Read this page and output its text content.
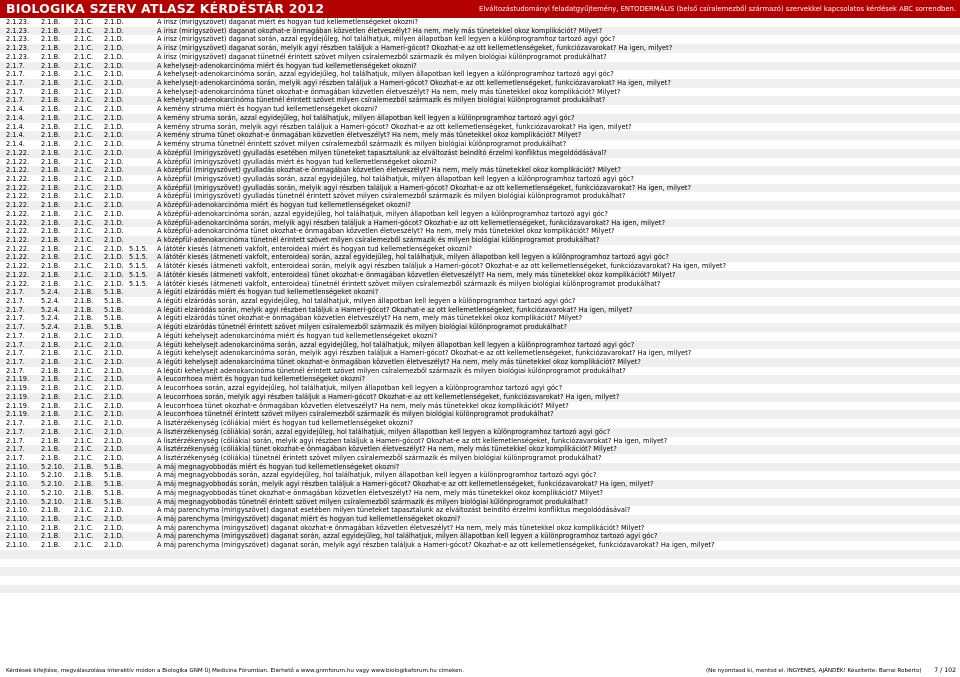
BIOLOGIKA SZERV ATLASZ KÉRDÉSTÁR 2012	Elváltozástudományi feladatgyűjtemény, ENTODERMÁLIS (belső csíralemezből származó) szervekkel kapcsolatos kérdések ABC sorrendben.
2.1.23. 2.1.B. 2.1.C. 2.1.D.	A írisz (mirigyszövet) daganat miért és hogyan tud kellemetlenségeket okozni?
2.1.23. 2.1.B. 2.1.C. 2.1.D.	A írisz (mirigyszövet) daganat okozhat-e önmagában közvetlen életveszélyt? Ha nem, mely más tünetekkel okoz komplikációt? Milyet?
2.1.23. 2.1.B. 2.1.C. 2.1.D.	A írisz (mirigyszövet) daganat során, azzal egyidejűleg, hol találhatjuk, milyen állapotban kell legyen a különprogramhoz tartozó agyi góc?
2.1.23. 2.1.B. 2.1.C. 2.1.D.	A írisz (mirigyszövet) daganat során, melyik agyi részben találjuk a Hameri-gócot? Okozhat-e az ott kellemetlenségeket, funkciózavarokat? Ha igen, milyet?
2.1.23. 2.1.B. 2.1.C. 2.1.D.	A írisz (mirigyszövet) daganat tünetnél érintett szövet milyen csíralemezből származik és milyen biológiai különprogramot produkálhat?
2.1.7. 2.1.B. 2.1.C. 2.1.D.	A kehelysejt-adenokarcinóma miért és hogyan tud kellemetlenségeket okozni?
2.1.7. 2.1.B. 2.1.C. 2.1.D.	A kehelysejt-adenokarcinóma során, azzal egyidejűleg, hol találhatjuk, milyen állapotban kell legyen a különprogramhoz tartozó agyi góc?
2.1.7. 2.1.B. 2.1.C. 2.1.D.	A kehelysejt-adenokarcinóma során, melyik agyi részben találjuk a Hameri-gócot? Okozhat-e az ott kellemetlenségeket, funkciózavarokat? Ha igen, milyet?
2.1.7. 2.1.B. 2.1.C. 2.1.D.	A kehelysejt-adenokarcinóma tünet okozhat-e önmagában közvetlen életveszélyt? Ha nem, mely más tünetekkel okoz komplikációt? Milyet?
2.1.7. 2.1.B. 2.1.C. 2.1.D.	A kehelysejt-adenokarcinóma tünetnél érintett szövet milyen csíralemezből származik és milyen biológiai különprogramot produkálhat?
2.1.4. 2.1.B. 2.1.C. 2.1.D.	A kemény struma miért és hogyan tud kellemetlenségeket okozni?
2.1.4. 2.1.B. 2.1.C. 2.1.D.	A kemény struma során, azzal egyidejűleg, hol találhatjuk, milyen állapotban kell legyen a különprogramhoz tartozó agyi góc?
2.1.4. 2.1.B. 2.1.C. 2.1.D.	A kemény struma során, melyik agyi részben találjuk a Hameri-gócot? Okozhat-e az ott kellemetlenségeket, funkciózavarokat? Ha igen, milyet?
2.1.4. 2.1.B. 2.1.C. 2.1.D.	A kemény struma tünet okozhat-e önmagában közvetlen életveszélyt? Ha nem, mely más tünetekkel okoz komplikációt? Milyet?
2.1.4. 2.1.B. 2.1.C. 2.1.D.	A kemény struma tünetnél érintett szövet milyen csíralemezből származik és milyen biológiai különprogramot produkálhat?
2.1.22. 2.1.B. 2.1.C. 2.1.D.	A középfül (mirigyszövet) gyulladás esetében milyen tüneteket tapasztalunk az elváltozást beindító érzelmi konfliktus megoldódásával?
2.1.22. 2.1.B. 2.1.C. 2.1.D.	A középfül (mirigyszövet) gyulladás miért és hogyan tud kellemetlenségeket okozni?
2.1.22. 2.1.B. 2.1.C. 2.1.D.	A középfül (mirigyszövet) gyulladás okozhat-e önmagában közvetlen életveszélyt? Ha nem, mely más tünetekkel okoz komplikációt? Milyet?
2.1.22. 2.1.B. 2.1.C. 2.1.D.	A középfül (mirigyszövet) gyulladás során, azzal egyidejűleg, hol találhatjuk, milyen állapotban kell legyen a különprogramhoz tartozó agyi góc?
2.1.22. 2.1.B. 2.1.C. 2.1.D.	A középfül (mirigyszövet) gyulladás során, melyik agyi részben találjuk a Hameri-gócot? Okozhat-e az ott kellemetlenségeket, funkciózavarokat? Ha igen, milyet?
2.1.22. 2.1.B. 2.1.C. 2.1.D.	A középfül (mirigyszövet) gyulladás tünetnél érintett szövet milyen csíralemezből származik és milyen biológiai különprogramot produkálhat?
2.1.22. 2.1.B. 2.1.C. 2.1.D.	A középfül-adenokarcinóma miért és hogyan tud kellemetlenségeket okozni?
2.1.22. 2.1.B. 2.1.C. 2.1.D.	A középfül-adenokarcinóma során, azzal egyidejűleg, hol találhatjuk, milyen állapotban kell legyen a különprogramhoz tartozó agyi góc?
2.1.22. 2.1.B. 2.1.C. 2.1.D.	A középfül-adenokarcinóma során, melyik agyi részben találjuk a Hameri-gócot? Okozhat-e az ott kellemetlenségeket, funkciózavarokat? Ha igen, milyet?
2.1.22. 2.1.B. 2.1.C. 2.1.D.	A középfül-adenokarcinóma tünet okozhat-e önmagában közvetlen életveszélyt? Ha nem, mely más tünetekkel okoz komplikációt? Milyet?
2.1.22. 2.1.B. 2.1.C. 2.1.D.	A középfül-adenokarcinóma tünetnél érintett szövet milyen csíralemezből származik és milyen biológiai különprogramot produkálhat?
2.1.22. 2.1.B. 2.1.C. 2.1.D. 5.1.5. A látótér kiesés (átmeneti vakfolt, enteroidea) miért és hogyan tud kellemetlenségeket okozni?
2.1.22. 2.1.B. 2.1.C. 2.1.D. 5.1.5. A látótér kiesés (átmeneti vakfolt, enteroidea) során, azzal egyidejűleg, hol találhatjuk, milyen állapotban kell legyen a különprogramhoz tartozó agyi góc?
2.1.22. 2.1.B. 2.1.C. 2.1.D. 5.1.5. A látótér kiesés (átmeneti vakfolt, enteroidea) során, melyik agyi részben találjuk a Hameri-gócot? Okozhat-e az ott kellemetlenségeket, funkciózavarokat? Ha igen, milyet?
2.1.22. 2.1.B. 2.1.C. 2.1.D. 5.1.5. A látótér kiesés (átmeneti vakfolt, enteroidea) tünet okozhat-e önmagában közvetlen életveszélyt? Ha nem, mely más tünetekkel okoz komplikációt? Milyet?
2.1.22. 2.1.B. 2.1.C. 2.1.D. 5.1.5. A látótér kiesés (átmeneti vakfolt, enteroidea) tünetnél érintett szövet milyen csíralemezből származik és milyen biológiai különprogramot produkálhat?
2.1.7. 5.2.4. 2.1.B. 5.1.B.	A légúti elzáródás miért és hogyan tud kellemetlenségeket okozni?
2.1.7. 5.2.4. 2.1.B. 5.1.B.	A légúti elzáródás során, azzal egyidejűleg, hol találhatjuk, milyen állapotban kell legyen a különprogramhoz tartozó agyi góc?
2.1.7. 5.2.4. 2.1.B. 5.1.B.	A légúti elzáródás során, melyik agyi részben találjuk a Hameri-gócot? Okozhat-e az ott kellemetlenségeket, funkciózavarokat? Ha igen, milyet?
2.1.7. 5.2.4. 2.1.B. 5.1.B.	A légúti elzáródás tünet okozhat-e önmagában közvetlen életveszélyt? Ha nem, mely más tünetekkel okoz komplikációt? Milyet?
2.1.7. 5.2.4. 2.1.B. 5.1.B.	A légúti elzáródás tünetnél érintett szövet milyen csíralemezből származik és milyen biológiai különprogramot produkálhat?
2.1.7. 2.1.B. 2.1.C. 2.1.D.	A légúti kehelysejt adenokarcinóma miért és hogyan tud kellemetlenségeket okozni?
2.1.7. 2.1.B. 2.1.C. 2.1.D.	A légúti kehelysejt adenokarcinóma során, azzal egyidejűleg, hol találhatjuk, milyen állapotban kell legyen a különprogramhoz tartozó agyi góc?
2.1.7. 2.1.B. 2.1.C. 2.1.D.	A légúti kehelysejt adenokarcinóma során, melyik agyi részben találjuk a Hameri-gócot? Okozhat-e az ott kellemetlenségeket, funkciózavarokat? Ha igen, milyet?
2.1.7. 2.1.B. 2.1.C. 2.1.D.	A légúti kehelysejt adenokarcinóma tünet okozhat-e önmagában közvetlen életveszélyt? Ha nem, mely más tünetekkel okoz komplikációt? Milyet?
2.1.7. 2.1.B. 2.1.C. 2.1.D.	A légúti kehelysejt adenokarcinóma tünetnél érintett szövet milyen csíralemezből származik és milyen biológiai különprogramot produkálhat?
2.1.19. 2.1.B. 2.1.C. 2.1.D.	A leucorrhoea miért és hogyan tud kellemetlenségeket okozni?
2.1.19. 2.1.B. 2.1.C. 2.1.D.	A leucorrhoea során, azzal egyidejűleg, hol találhatjuk, milyen állapotban kell legyen a különprogramhoz tartozó agyi góc?
2.1.19. 2.1.B. 2.1.C. 2.1.D.	A leucorrhoea során, melyik agyi részben találjuk a Hameri-gócot? Okozhat-e az ott kellemetlenségeket, funkciózavarokat? Ha igen, milyet?
2.1.19. 2.1.B. 2.1.C. 2.1.D.	A leucorrhoea tünet okozhat-e önmagában közvetlen életveszélyt? Ha nem, mely más tünetekkel okoz komplikációt? Milyet?
2.1.19. 2.1.B. 2.1.C. 2.1.D.	A leucorrhoea tünetnél érintett szövet milyen csíralemezből származik és milyen biológiai különprogramot produkálhat?
2.1.7. 2.1.B. 2.1.C. 2.1.D.	A lisztérzékenység (cöliákia) miért és hogyan tud kellemetlenségeket okozni?
2.1.7. 2.1.B. 2.1.C. 2.1.D.	A lisztérzékenység (cöliákia) során, azzal egyidejűleg, hol találhatjuk, milyen állapotban kell legyen a különprogramhoz tartozó agyi góc?
2.1.7. 2.1.B. 2.1.C. 2.1.D.	A lisztérzékenység (cöliákia) során, melyik agyi részben találjuk a Hameri-gócot? Okozhat-e az ott kellemetlenségeket, funkciózavarokat? Ha igen, milyet?
2.1.7. 2.1.B. 2.1.C. 2.1.D.	A lisztérzékenység (cöliákia) tünet okozhat-e önmagában közvetlen életveszélyt? Ha nem, mely más tünetekkel okoz komplikációt? Milyet?
2.1.7. 2.1.B. 2.1.C. 2.1.D.	A lisztérzékenység (cöliákia) tünetnél érintett szövet milyen csíralemezből származik és milyen biológiai különprogramot produkálhat?
2.1.10. 5.2.10. 2.1.B. 5.1.B.	A máj megnagyobbodás miért és hogyan tud kellemetlenségeket okozni?
2.1.10. 5.2.10. 2.1.B. 5.1.B.	A máj megnagyobbodás során, azzal egyidejűleg, hol találhatjuk, milyen állapotban kell legyen a különprogramhoz tartozó agyi góc?
2.1.10. 5.2.10. 2.1.B. 5.1.B.	A máj megnagyobbodás során, melyik agyi részben találjuk a Hameri-gócot? Okozhat-e az ott kellemetlenségeket, funkciózavarokat? Ha igen, milyet?
2.1.10. 5.2.10. 2.1.B. 5.1.B.	A máj megnagyobbodás tünet okozhat-e önmagában közvetlen életveszélyt? Ha nem, mely más tünetekkel okoz komplikációt? Milyet?
2.1.10. 5.2.10. 2.1.B. 5.1.B.	A máj megnagyobbodás tünetnél érintett szövet milyen csíralemezből származik és milyen biológiai különprogramot produkálhat?
2.1.10. 2.1.B. 2.1.C. 2.1.D.	A máj parenchyma (mirigyszövet) daganat esetében milyen tüneteket tapasztalunk az elváltozást beindító érzelmi konfliktus megoldódásával?
2.1.10. 2.1.B. 2.1.C. 2.1.D.	A máj parenchyma (mirigyszövet) daganat miért és hogyan tud kellemetlenségeket okozni?
2.1.10. 2.1.B. 2.1.C. 2.1.D.	A máj parenchyma (mirigyszövet) daganat okozhat-e önmagában közvetlen életveszélyt? Ha nem, mely más tünetekkel okoz komplikációt? Milyet?
2.1.10. 2.1.B. 2.1.C. 2.1.D.	A máj parenchyma (mirigyszövet) daganat során, azzal egyidejűleg, hol találhatjuk, milyen állapotban kell legyen a különprogramhoz tartozó agyi góc?
2.1.10. 2.1.B. 2.1.C. 2.1.D.	A máj parenchyma (mirigyszövet) daganat során, melyik agyi részben találjuk a Hameri-gócot? Okozhat-e az ott kellemetlenségeket, funkciózavarokat? Ha igen, milyet?
Kérdések kifejtése, megválaszolása interaktív módon a Biologika GNM Új Medicina Fórumban. Elérhető a www.gnmforum.hu vagy www.biologikaforum.hu címeken.	(Ne nyomtasd ki, mentsd el, INGYENES, AJÁNDÉK! Készítette: Barrai Roberto) 7 / 102
